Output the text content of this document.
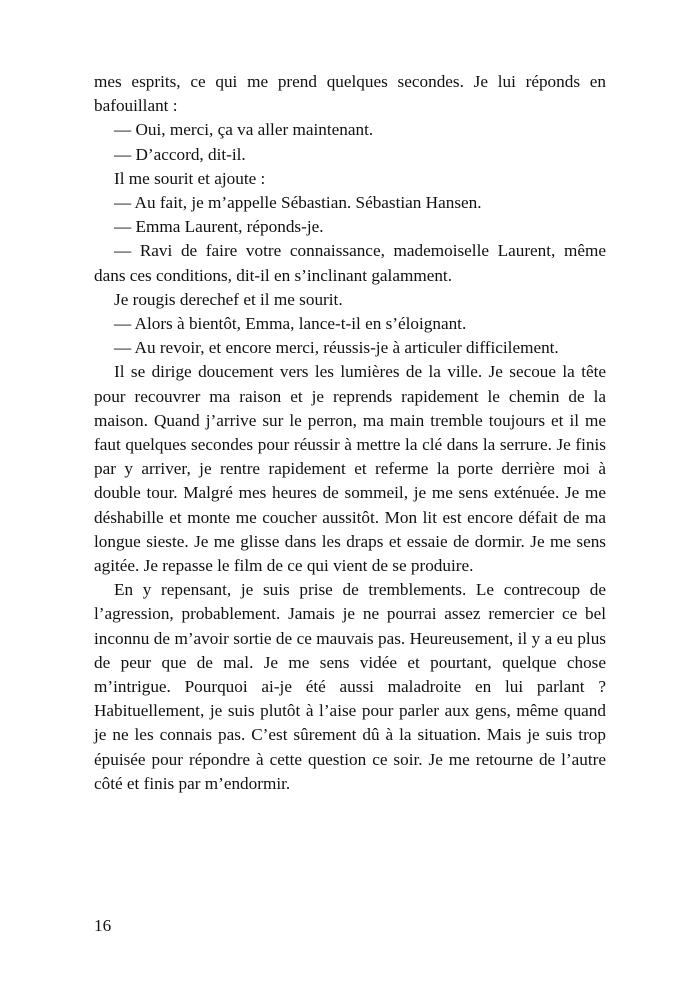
mes esprits, ce qui me prend quelques secondes. Je lui réponds en bafouillant :

— Oui, merci, ça va aller maintenant.

— D’accord, dit-il.

Il me sourit et ajoute :

— Au fait, je m’appelle Sébastian. Sébastian Hansen.

— Emma Laurent, réponds-je.

— Ravi de faire votre connaissance, mademoiselle Laurent, même dans ces conditions, dit-il en s’inclinant galamment.

Je rougis derechef et il me sourit.

— Alors à bientôt, Emma, lance-t-il en s’éloignant.

— Au revoir, et encore merci, réussis-je à articuler difficilement.

Il se dirige doucement vers les lumières de la ville. Je secoue la tête pour recouvrer ma raison et je reprends rapidement le chemin de la maison. Quand j’arrive sur le perron, ma main tremble toujours et il me faut quelques secondes pour réussir à mettre la clé dans la serrure. Je finis par y arriver, je rentre rapidement et referme la porte derrière moi à double tour. Malgré mes heures de sommeil, je me sens exténuée. Je me déshabille et monte me coucher aussitôt. Mon lit est encore défait de ma longue sieste. Je me glisse dans les draps et essaie de dormir. Je me sens agitée. Je repasse le film de ce qui vient de se produire.

En y repensant, je suis prise de tremblements. Le contrecoup de l’agression, probablement. Jamais je ne pourrai assez remercier ce bel inconnu de m’avoir sortie de ce mauvais pas. Heureusement, il y a eu plus de peur que de mal. Je me sens vidée et pourtant, quelque chose m’intrigue. Pourquoi ai-je été aussi maladroite en lui parlant ? Habituellement, je suis plutôt à l’aise pour parler aux gens, même quand je ne les connais pas. C’est sûrement dû à la situation. Mais je suis trop épuisée pour répondre à cette question ce soir. Je me retourne de l’autre côté et finis par m’endormir.

16
